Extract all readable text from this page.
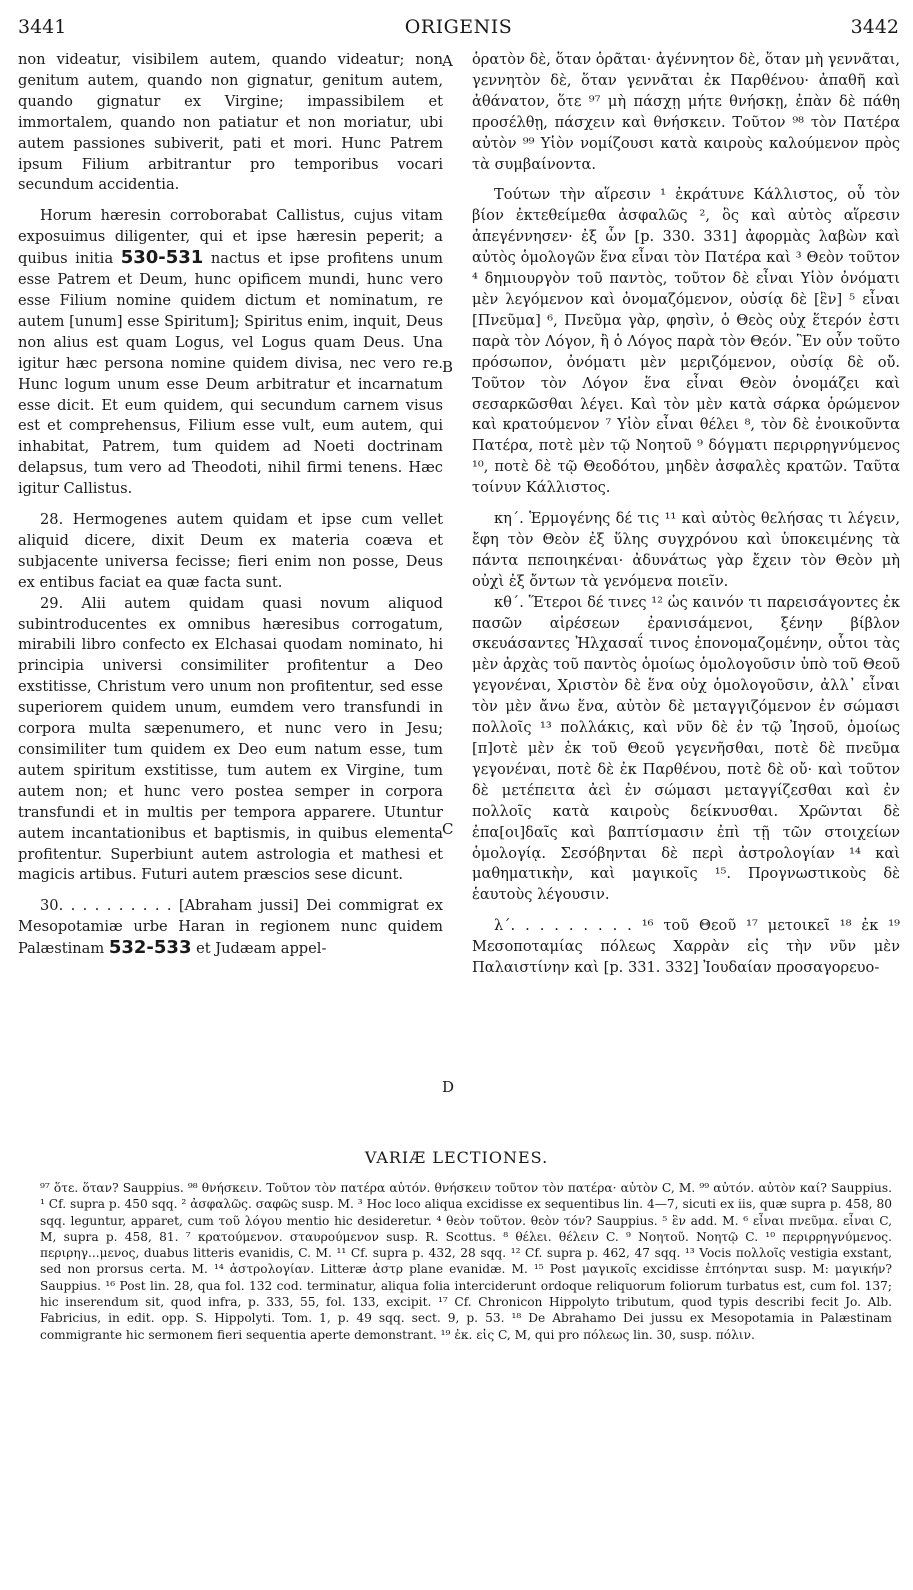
3441	ORIGENIS	3442
A
B
C
D

non videatur, visibilem autem, quando videatur; non genitum autem, quando non gignatur, genitum autem, quando gignatur ex Virgine; impassibilem et immortalem, quando non patiatur et non moriatur, ubi autem passiones subiverit, pati et mori. Hunc Patrem ipsum Filium arbitrantur pro temporibus vocari secundum accidentia.

Horum hæresin corroborabat Callistus, cujus vitam exposuimus diligenter, qui et ipse hæresin peperit; a quibus initia 530-531 nactus et ipse profitens unum esse Patrem et Deum, hunc opificem mundi, hunc vero esse Filium nomine quidem dictum et nominatum, re autem [unum] esse Spiritum]; Spiritus enim, inquit, Deus non alius est quam Logus, vel Logus quam Deus. Una igitur hæc persona nomine quidem divisa, nec vero re. Hunc logum unum esse Deum arbitratur et incarnatum esse dicit. Et eum quidem, qui secundum carnem visus est et comprehensus, Filium esse vult, eum autem, qui inhabitat, Patrem, tum quidem ad Noeti doctrinam delapsus, tum vero ad Theodoti, nihil firmi tenens. Hæc igitur Callistus.

28. Hermogenes autem quidam et ipse cum vellet aliquid dicere, dixit Deum ex materia coæva et subjacente universa fecisse; fieri enim non posse, Deus ex entibus faciat ea quæ facta sunt.

29. Alii autem quidam quasi novum aliquod subintroducentes ex omnibus hæresibus corrogatum, mirabili libro confecto ex Elchasai quodam nominato, hi principia universi consimiliter profitentur a Deo exstitisse, Christum vero unum non profitentur, sed esse superiorem quidem unum, eumdem vero transfundi in corpora multa sæpenumero, et nunc vero in Jesu; consimiliter tum quidem ex Deo eum natum esse, tum autem spiritum exstitisse, tum autem ex Virgine, tum autem non; et hunc vero postea semper in corpora transfundi et in multis per tempora apparere. Utuntur autem incantationibus et baptismis, in quibus elementa profitentur. Superbiunt autem astrologia et mathesi et magicis artibus. Futuri autem præscios sese dicunt.

30. . . . . . . . . . [Abraham jussi] Dei commigrat ex Mesopotamiæ urbe Haran in regionem nunc quidem Palæstinam 532-533 et Judæam appel-

ὁρατὸν δὲ, ὅταν ὁρᾶται· ἀγέννητον δὲ, ὅταν μὴ γεννᾶται, γεννητὸν δὲ, ὅταν γεννᾶται ἐκ Παρθένου· ἀπαθῆ καὶ ἀθάνατον, ὅτε ⁹⁷ μὴ πάσχῃ μήτε θνήσκῃ, ἐπὰν δὲ πάθη προσέλθῃ, πάσχειν καὶ θνήσκειν. Τοῦτον ⁹⁸ τὸν Πατέρα αὐτὸν ⁹⁹ Υἱὸν νομίζουσι κατὰ καιροὺς καλούμενον πρὸς τὰ συμβαίνοντα.

Τούτων τὴν αἵρεσιν ¹ ἐκράτυνε Κάλλιστος, οὗ τὸν βίον ἐκτεθείμεθα ἀσφαλῶς ², ὃς καὶ αὐτὸς αἵρεσιν ἀπεγέννησεν· ἐξ ὧν [p. 330. 331] ἀφορμὰς λαβὼν καὶ αὐτὸς ὁμολογῶν ἕνα εἶναι τὸν Πατέρα καὶ ³ Θεὸν τοῦτον ⁴ δημιουργὸν τοῦ παντὸς, τοῦτον δὲ εἶναι Υἱὸν ὀνόματι μὲν λεγόμενον καὶ ὀνομαζόμενον, οὐσίᾳ δὲ [ἓν] ⁵ εἶναι [Πνεῦμα] ⁶, Πνεῦμα γὰρ, φησὶν, ὁ Θεὸς οὐχ ἕτερόν ἐστι παρὰ τὸν Λόγον, ἢ ὁ Λόγος παρὰ τὸν Θεόν. Ἓν οὖν τοῦτο πρόσωπον, ὀνόματι μὲν μεριζόμενον, οὐσίᾳ δὲ οὔ. Τοῦτον τὸν Λόγον ἕνα εἶναι Θεὸν ὀνομάζει καὶ σεσαρκῶσθαι λέγει. Καὶ τὸν μὲν κατὰ σάρκα ὁρώμενον καὶ κρατούμενον ⁷ Υἱὸν εἶναι θέλει ⁸, τὸν δὲ ἐνοικοῦντα Πατέρα, ποτὲ μὲν τῷ Νοητοῦ ⁹ δόγματι περιρρηγνύμενος ¹⁰, ποτὲ δὲ τῷ Θεοδότου, μηδὲν ἀσφαλὲς κρατῶν. Ταῦτα τοίνυν Κάλλιστος.

κη΄. Ἑρμογένης δέ τις ¹¹ καὶ αὐτὸς θελήσας τι λέγειν, ἔφη τὸν Θεὸν ἐξ ὕλης συγχρόνου καὶ ὑποκειμένης τὰ πάντα πεποιηκέναι· ἀδυνάτως γὰρ ἔχειν τὸν Θεὸν μὴ οὐχὶ ἐξ ὄντων τὰ γενόμενα ποιεῖν.

κθ΄. Ἕτεροι δέ τινες ¹² ὡς καινόν τι παρεισάγοντες ἐκ πασῶν αἱρέσεων ἐρανισάμενοι, ξένην βίβλον σκευάσαντες Ἠλχασαΐ τινος ἐπονομαζομένην, οὗτοι τὰς μὲν ἀρχὰς τοῦ παντὸς ὁμοίως ὁμολογοῦσιν ὑπὸ τοῦ Θεοῦ γεγονέναι, Χριστὸν δὲ ἕνα οὐχ ὁμολογοῦσιν, ἀλλ᾽ εἶναι τὸν μὲν ἄνω ἕνα, αὐτὸν δὲ μεταγγιζόμενον ἐν σώμασι πολλοῖς ¹³ πολλάκις, καὶ νῦν δὲ ἐν τῷ Ἰησοῦ, ὁμοίως [π]οτὲ μὲν ἐκ τοῦ Θεοῦ γεγενῆσθαι, ποτὲ δὲ πνεῦμα γεγονέναι, ποτὲ δὲ ἐκ Παρθένου, ποτὲ δὲ οὔ· καὶ τοῦτον δὲ μετέπειτα ἀεὶ ἐν σώμασι μεταγγίζεσθαι καὶ ἐν πολλοῖς κατὰ καιροὺς δείκνυσθαι. Χρῶνται δὲ ἐπα[οι]δαῖς καὶ βαπτίσμασιν ἐπὶ τῇ τῶν στοιχείων ὁμολογίᾳ. Σεσόβηνται δὲ περὶ ἀστρολογίαν ¹⁴ καὶ μαθηματικὴν, καὶ μαγικοῖς ¹⁵. Προγνωστικοὺς δὲ ἑαυτοὺς λέγουσιν.

λ΄. . . . . . . . . ¹⁶ τοῦ Θεοῦ ¹⁷ μετοικεῖ ¹⁸ ἐκ ¹⁹ Μεσοποταμίας πόλεως Χαρρὰν εἰς τὴν νῦν μὲν Παλαιστίνην καὶ [p. 331. 332] Ἰουδαίαν προσαγορευο-

VARIÆ LECTIONES.

⁹⁷ ὅτε. ὅταν? Sauppius. ⁹⁸ θνήσκειν. Τοῦτον τὸν πατέρα αὐτόν. θνήσκειν τοῦτον τὸν πατέρα· αὐτὸν C, M. ⁹⁹ αὐτόν. αὐτὸν καί? Sauppius. ¹ Cf. supra p. 450 sqq. ² ἀσφαλῶς. σαφῶς susp. M. ³ Hoc loco aliqua excidisse ex sequentibus lin. 4—7, sicuti ex iis, quæ supra p. 458, 80 sqq. leguntur, apparet, cum τοῦ λόγου mentio hic desideretur. ⁴ θεὸν τοῦτον. θεὸν τόν? Sauppius. ⁵ ἓν add. M. ⁶ εἶναι πνεῦμα. εἶναι C, M, supra p. 458, 81. ⁷ κρατούμενον. σταυρούμενον susp. R. Scottus. ⁸ θέλει. θέλειν C. ⁹ Νοητοῦ. Νοητῷ C. ¹⁰ περιρρηγνύμενος. περιρηγ...μενος, duabus litteris evanidis, C. M. ¹¹ Cf. supra p. 432, 28 sqq. ¹² Cf. supra p. 462, 47 sqq. ¹³ Vocis πολλοῖς vestigia exstant, sed non prorsus certa. M. ¹⁴ ἀστρολογίαν. Litteræ ἀστρ plane evanidæ. M. ¹⁵ Post μαγικοῖς excidisse ἐπτόηνται susp. M: μαγικήν? Sauppius. ¹⁶ Post lin. 28, qua fol. 132 cod. terminatur, aliqua folia interciderunt ordoque reliquorum foliorum turbatus est, cum fol. 137; hic inserendum sit, quod infra, p. 333, 55, fol. 133, excipit. ¹⁷ Cf. Chronicon Hippolyto tributum, quod typis describi fecit Jo. Alb. Fabricius, in edit. opp. S. Hippolyti. Tom. 1, p. 49 sqq. sect. 9, p. 53. ¹⁸ De Abrahamo Dei jussu ex Mesopotamia in Palæstinam commigrante hic sermonem fieri sequentia aperte demonstrant. ¹⁹ ἐκ. εἰς C, M, qui pro πόλεως lin. 30, susp. πόλιν.
